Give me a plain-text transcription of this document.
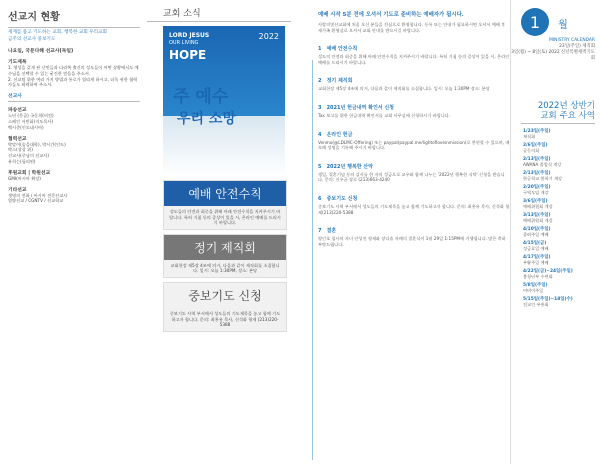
선교지 현황
세계를 품고 기도하는 교회, 행복한 교회 우리교회
금주의 선교사 중보기도
나요일, 국문다해 선교사(독일)
기도제목
1. 영성을 갖게 된 난민들과 다리쪽 출신의 성도들이 어떤 상황에서도 예수님을 선택할 수 있는 굳건한 믿음을 주소서.
2. 선교팀 위한 여러 가지 방법과 통로가 열리게 하시고, 더욱 귀한 협력자들도 허락하여 주소서.
선교사
파송선교
노년 (몽골) 국동희(비전)
스페인 서민화(지도목사)
백시준(인도네시아)
협력선교
박말이(숨을대학), 박시간(인도)
박스(상상 위)
선교사(중남미 선교사)
유희는(필리핀)
후원교회 | 학원선교
GMI(아시아 확장)
기타선교
생명의 전화 / 아시아 전문선교사
열방선교 / CGNTV / 선교학교
교회 소식
LORD JESUS
OUR LIVING
HOPE
2022
주 예수
우리 소망
예배 안전수칙
성도들의 안전과 회중을 위해 아래 안전수칙을 지켜주시기 바랍니다. 특히 기침 등의 증상이 있을 시, 온라인 예배를 드리시기 바랍니다.
정기 제직회
교회헌장 제5장 4조에 의거, 다음과 같이 제직회를 소집합니다. 일시: 오늘 1:30PM, 장소: 본당
중보기도 신청
중보기도 사역 부서에서 성도들의 기도제목을 놓고 함께 기도하고자 합니다. 문의: 최홍유 목사, 신석화 형제 (213)220-5388
예배 시작 5분 전에 오셔서 기도로 준비하는 예배자가 됩시다.
사랑의빛선교회에 처음 오신 분들을 진심으로 환영합니다. 등록 또는 안내가 필요하시면 오셔서 예배 후 새가족 환영실로 오셔서 교회 안내를 받으시길 바랍니다.
1 예배 안전수칙
성도의 안전과 회중을 위해 아래 안전수칙을 지켜주시기 바랍니다. 특히 기침 등의 증상이 있을 시, 온라인 예배를 드리시기 바랍니다.
2 정기 제직회
교회헌장 제5장 4조에 의거, 다음과 같이 제직회를 소집합니다. 일시: 오늘 1:30PM 장소: 본당
3 2021년 헌금내역 확인서 신청
Tax 보고를 위한 헌금내역 확인서를 교회 사무실에 신청하시기 바랍니다.
4 온라인 헌금
Venmo(@LDLMC-Offering) 또는 paypal(paypal.me/lightofloveinmission)로 봉헌할 수 있으며, 메모에 성명을 기록해 주시기 바랍니다.
5 2022년 행복한 산악
생일, 결혼기념 등의 감사를 한 자의 성금으로 교우와 함께 나누는 '2022년 행복한 식탁' 신청을 받습니다. 문의: 신우균 장로 (213)663-4240
6 중보기도 신청
중보기도 사역 부서에서 성도들의 기도제목을 놓고 함께 기도하고자 합니다. 문의: 최홍유 목사, 신석화 형제(213)220-5388
7 결혼
양인호 집사의 자녀 안성진 형제와 장다솔 자매의 결혼식이 1월 29일 1:15PM에 거행됩니다. 많은 축하 부탁드립니다.
1 월
MINISTRY CALENDAR
23일(주일) 제직회
3일(월) ~ 8일(토) 2022 신년특별새벽기도회
2022년 상반기
교회 주요 사역
1/23일(주일)
제직회
2/6일(주일)
공동의회
2/13일(주일)
AWANA 졸업식 개강
2/13일(주일)
한글학교 봄학기 개강
2/20일(주일)
구역모임 개강
3/6일(주일)
예배위원회 개강
3/13일(주일)
예배위원회 개강
4/10일(주일)
종려주일 예배
4/15일(금)
성금요일 예배
4/17일(주일)
부활주일 예배
4/22일(금)~24일(주일)
봄청년부 수련회
5/8일(주일)
어버이주일
5/15일(주일)~18일(수)
전교인 부흥회
